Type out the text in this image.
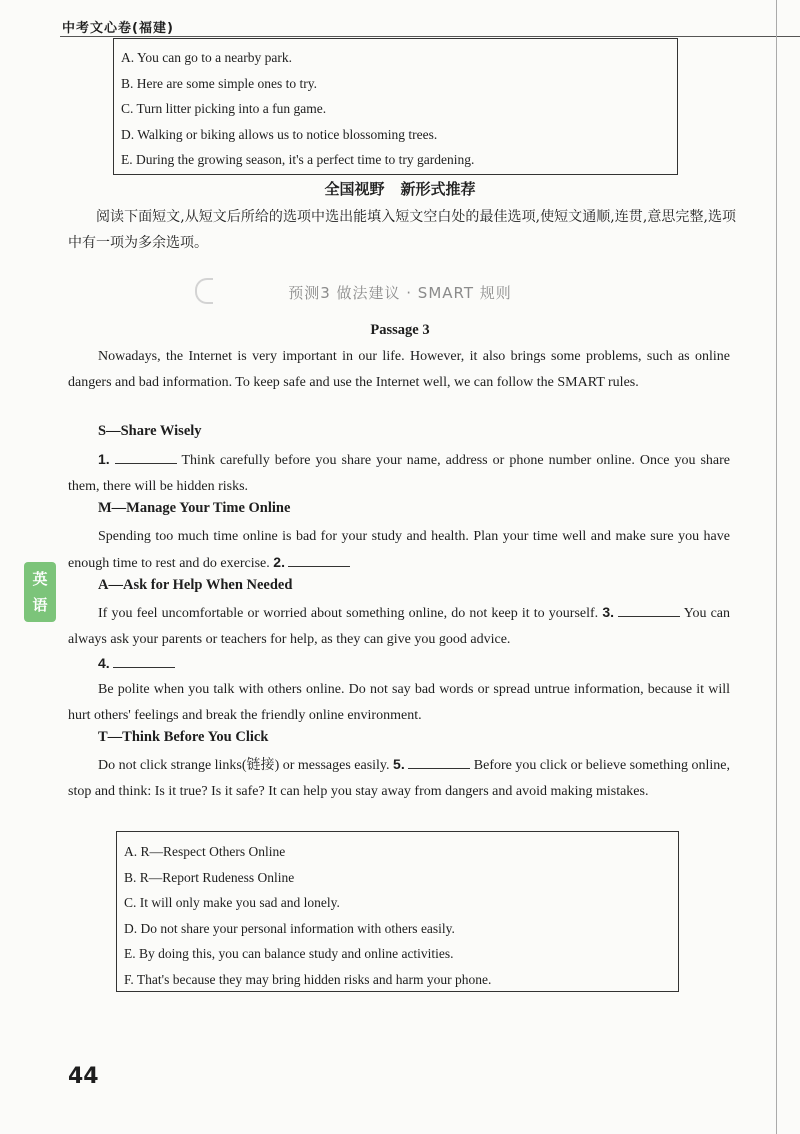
中考文心卷(福建)
A. You can go to a nearby park.
B. Here are some simple ones to try.
C. Turn litter picking into a fun game.
D. Walking or biking allows us to notice blossoming trees.
E. During the growing season, it's a perfect time to try gardening.
全国视野 新形式推荐
阅读下面短文,从短文后所给的选项中选出能填入短文空白处的最佳选项,使短文通顺,连贯,意思完整,选项中有一项为多余选项。
预测3 做法建议 · SMART 规则
Passage 3
Nowadays, the Internet is very important in our life. However, it also brings some problems, such as online dangers and bad information. To keep safe and use the Internet well, we can follow the SMART rules.
S—Share Wisely
1.	Think carefully before you share your name, address or phone number online. Once you share them, there will be hidden risks.
M—Manage Your Time Online
Spending too much time online is bad for your study and health. Plan your time well and make sure you have enough time to rest and do exercise. 2.
A—Ask for Help When Needed
If you feel uncomfortable or worried about something online, do not keep it to yourself. 3.	You can always ask your parents or teachers for help, as they can give you good advice.
4.
Be polite when you talk with others online. Do not say bad words or spread untrue information, because it will hurt others' feelings and break the friendly online environment.
T—Think Before You Click
Do not click strange links(链接) or messages easily. 5.	Before you click or believe something online, stop and think: Is it true? Is it safe? It can help you stay away from dangers and avoid making mistakes.
A. R—Respect Others Online
B. R—Report Rudeness Online
C. It will only make you sad and lonely.
D. Do not share your personal information with others easily.
E. By doing this, you can balance study and online activities.
F. That's because they may bring hidden risks and harm your phone.
英
语
44
